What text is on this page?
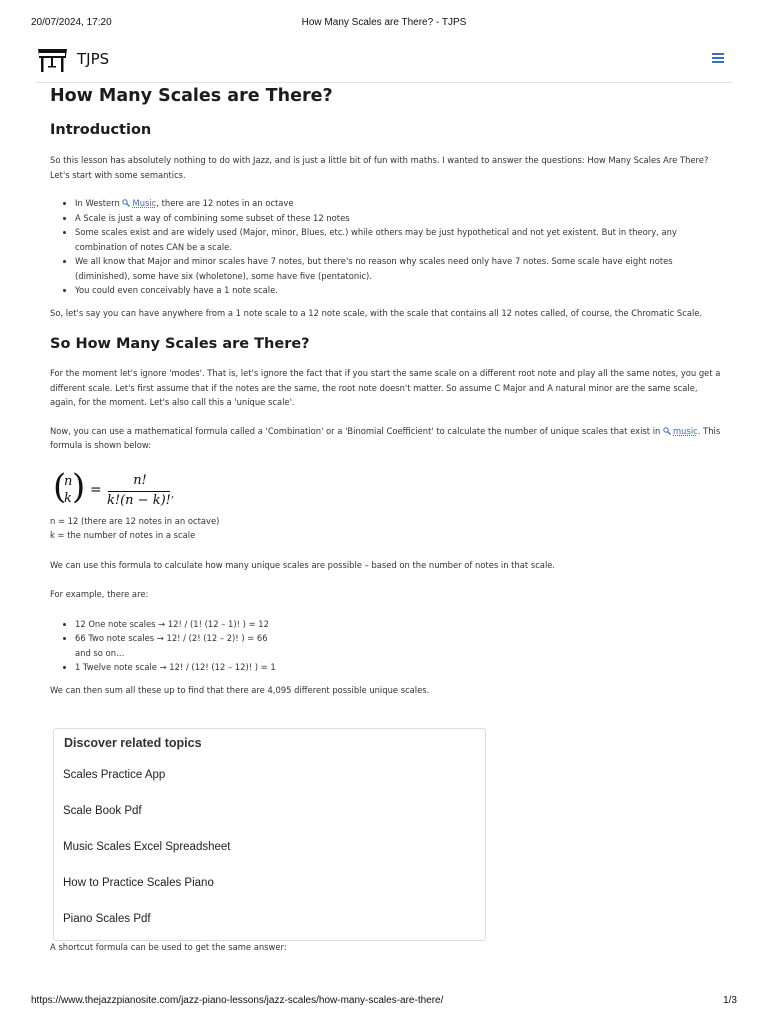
20/07/2024, 17:20	How Many Scales are There? - TJPS
TJPS
How Many Scales are There?
Introduction

So this lesson has absolutely nothing to do with Jazz, and is just a little bit of fun with maths. I wanted to answer the questions: How Many Scales Are There? Let's start with some semantics.

• In Western Music, there are 12 notes in an octave
• A Scale is just a way of combining some subset of these 12 notes
• Some scales exist and are widely used (Major, minor, Blues, etc.) while others may be just hypothetical and not yet existent. But in theory, any combination of notes CAN be a scale.
• We all know that Major and minor scales have 7 notes, but there's no reason why scales need only have 7 notes. Some scale have eight notes (diminished), some have six (wholetone), some have five (pentatonic).
• You could even conceivably have a 1 note scale.

So, let's say you can have anywhere from a 1 note scale to a 12 note scale, with the scale that contains all 12 notes called, of course, the Chromatic Scale.

So How Many Scales are There?

For the moment let's ignore 'modes'. That is, let's ignore the fact that if you start the same scale on a different root note and play all the same notes, you get a different scale. Let's first assume that if the notes are the same, the root note doesn't matter. So assume C Major and A natural minor are the same scale, again, for the moment. Let's also call this a 'unique scale'.

Now, you can use a mathematical formula called a 'Combination' or a 'Binomial Coefficient' to calculate the number of unique scales that exist in music. This formula is shown below:

(
n
k ) =
n!
k!(n − k)! ,

n = 12 (there are 12 notes in an octave)

k = the number of notes in a scale

We can use this formula to calculate how many unique scales are possible – based on the number of notes in that scale.

For example, there are:

• 12 One note scales → 12! / (1! (12 – 1)! ) = 12
• 66 Two note scales → 12! / (2! (12 – 2)! ) = 66
and so on…
• 1 Twelve note scale → 12! / (12! (12 – 12)! ) = 1

We can then sum all these up to find that there are 4,095 different possible unique scales.

Discover related topics
Scales Practice App
Scale Book Pdf
Music Scales Excel Spreadsheet
How to Practice Scales Piano
Piano Scales Pdf
A shortcut formula can be used to get the same answer:
https://www.thejazzpianosite.com/jazz-piano-lessons/jazz-scales/how-many-scales-are-there/	1/3
